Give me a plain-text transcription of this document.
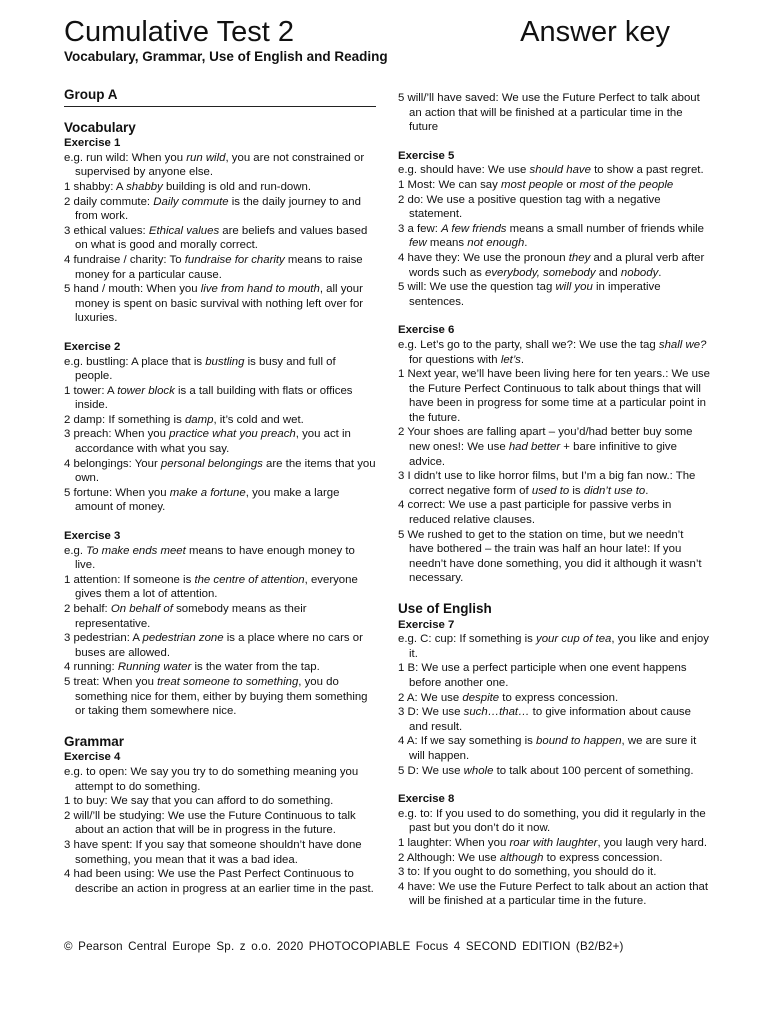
Cumulative Test 2	Answer key
Vocabulary, Grammar, Use of English and Reading
Group A
Vocabulary
Exercise 1
e.g. run wild: When you run wild, you are not constrained or supervised by anyone else.
1 shabby: A shabby building is old and run-down.
2 daily commute: Daily commute is the daily journey to and from work.
3 ethical values: Ethical values are beliefs and values based on what is good and morally correct.
4 fundraise / charity: To fundraise for charity means to raise money for a particular cause.
5 hand / mouth: When you live from hand to mouth, all your money is spent on basic survival with nothing left over for luxuries.
Exercise 2
e.g. bustling: A place that is bustling is busy and full of people.
1 tower: A tower block is a tall building with flats or offices inside.
2 damp: If something is damp, it’s cold and wet.
3 preach: When you practice what you preach, you act in accordance with what you say.
4 belongings: Your personal belongings are the items that you own.
5 fortune: When you make a fortune, you make a large amount of money.
Exercise 3
e.g. To make ends meet means to have enough money to live.
1 attention: If someone is the centre of attention, everyone gives them a lot of attention.
2 behalf: On behalf of somebody means as their representative.
3 pedestrian: A pedestrian zone is a place where no cars or buses are allowed.
4 running: Running water is the water from the tap.
5 treat: When you treat someone to something, you do something nice for them, either by buying them something or taking them somewhere nice.
Grammar
Exercise 4
e.g. to open: We say you try to do something meaning you attempt to do something.
1 to buy: We say that you can afford to do something.
2 will/’ll be studying: We use the Future Continuous to talk about an action that will be in progress in the future.
3 have spent: If you say that someone shouldn’t have done something, you mean that it was a bad idea.
4 had been using: We use the Past Perfect Continuous to describe an action in progress at an earlier time in the past.
5 will/’ll have saved: We use the Future Perfect to talk about an action that will be finished at a particular time in the future
Exercise 5
e.g. should have: We use should have to show a past regret.
1 Most: We can say most people or most of the people
2 do: We use a positive question tag with a negative statement.
3 a few: A few friends means a small number of friends while few means not enough.
4 have they: We use the pronoun they and a plural verb after words such as everybody, somebody and nobody.
5 will: We use the question tag will you in imperative sentences.
Exercise 6
e.g. Let’s go to the party, shall we?: We use the tag shall we? for questions with let’s.
1 Next year, we’ll have been living here for ten years.: We use the Future Perfect Continuous to talk about things that will have been in progress for some time at a particular point in the future.
2 Your shoes are falling apart – you’d/had better buy some new ones!: We use had better + bare infinitive to give advice.
3 I didn’t use to like horror films, but I’m a big fan now.: The correct negative form of used to is didn’t use to.
4 correct: We use a past participle for passive verbs in reduced relative clauses.
5 We rushed to get to the station on time, but we needn’t have bothered – the train was half an hour late!: If you needn’t have done something, you did it although it wasn’t necessary.
Use of English
Exercise 7
e.g. C: cup: If something is your cup of tea, you like and enjoy it.
1 B: We use a perfect participle when one event happens before another one.
2 A: We use despite to express concession.
3 D: We use such…that… to give information about cause and result.
4 A: If we say something is bound to happen, we are sure it will happen.
5 D: We use whole to talk about 100 percent of something.
Exercise 8
e.g. to: If you used to do something, you did it regularly in the past but you don’t do it now.
1 laughter: When you roar with laughter, you laugh very hard.
2 Although: We use although to express concession.
3 to: If you ought to do something, you should do it.
4 have: We use the Future Perfect to talk about an action that will be finished at a particular time in the future.
© Pearson Central Europe Sp. z o.o. 2020 PHOTOCOPIABLE Focus 4 SECOND EDITION (B2/B2+)
